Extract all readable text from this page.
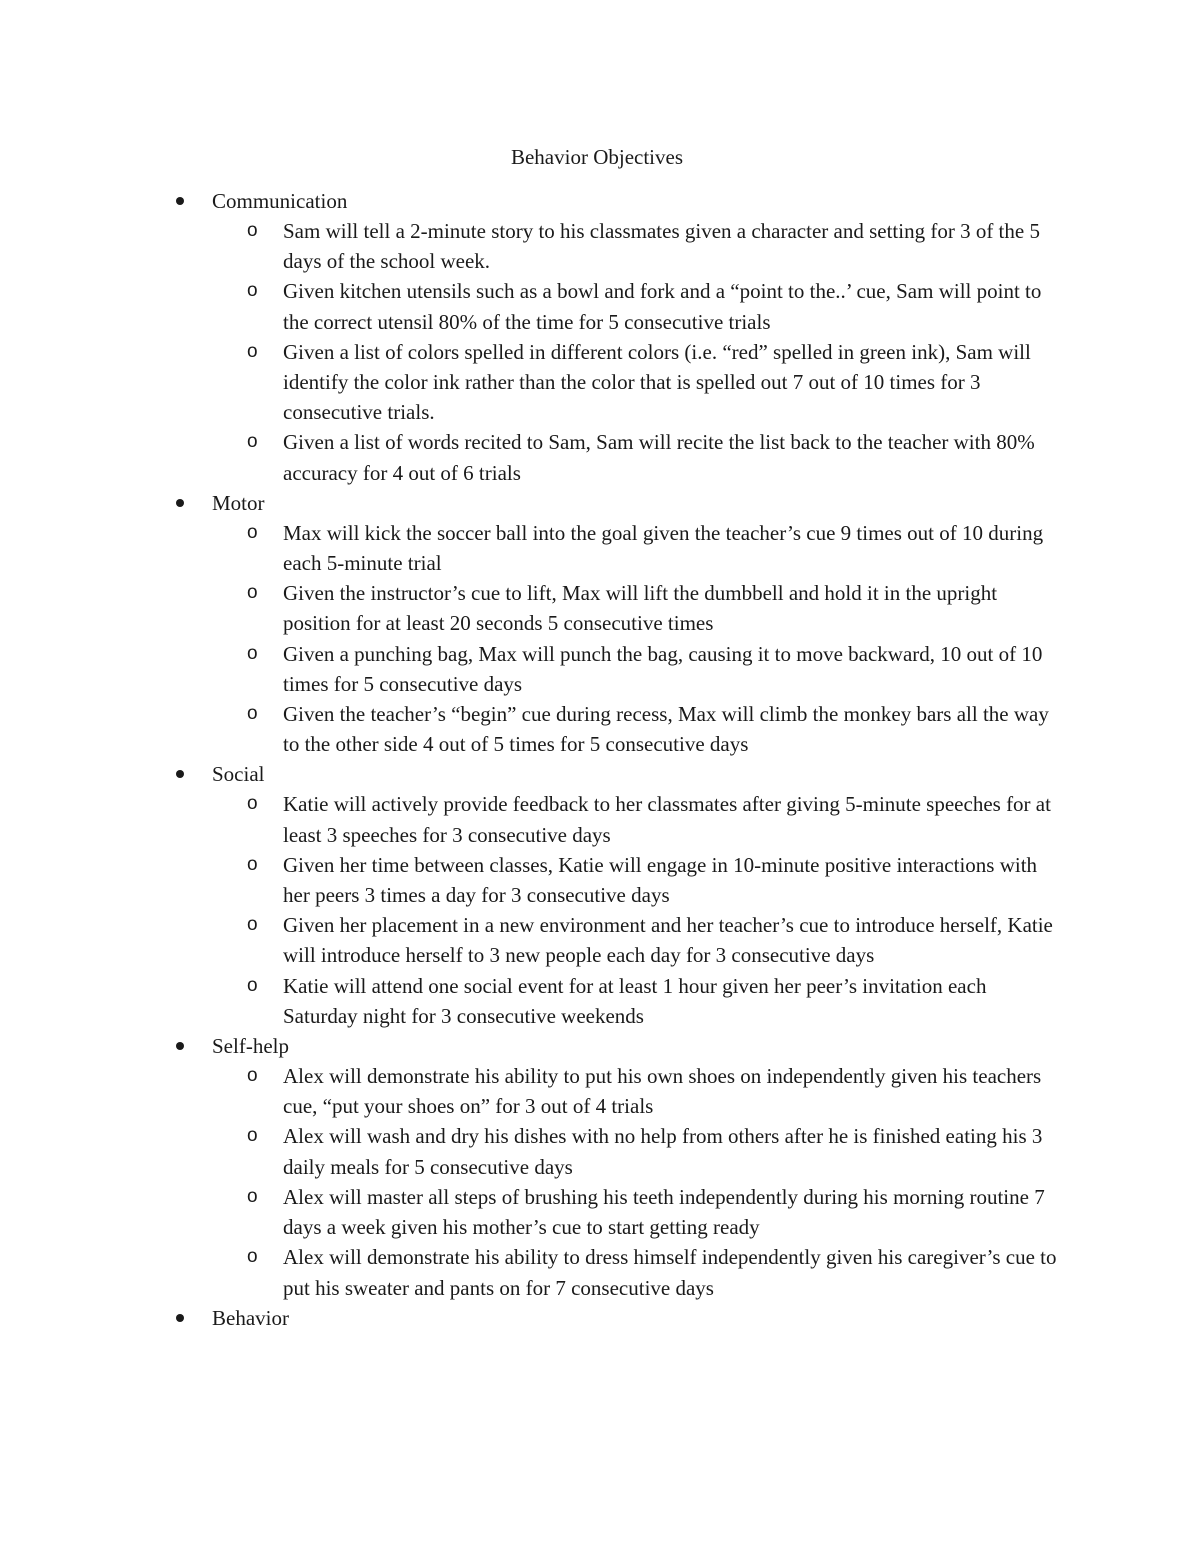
Behavior Objectives
Communication
o Sam will tell a 2-minute story to his classmates given a character and setting for 3 of the 5 days of the school week.
o Given kitchen utensils such as a bowl and fork and a “point to the..’ cue, Sam will point to the correct utensil 80% of the time for 5 consecutive trials
o Given a list of colors spelled in different colors (i.e. “red” spelled in green ink), Sam will identify the color ink rather than the color that is spelled out 7 out of 10 times for 3 consecutive trials.
o Given a list of words recited to Sam, Sam will recite the list back to the teacher with 80% accuracy for 4 out of 6 trials
Motor
o Max will kick the soccer ball into the goal given the teacher’s cue 9 times out of 10 during each 5-minute trial
o Given the instructor’s cue to lift, Max will lift the dumbbell and hold it in the upright position for at least 20 seconds 5 consecutive times
o Given a punching bag, Max will punch the bag, causing it to move backward, 10 out of 10 times for 5 consecutive days
o Given the teacher’s “begin” cue during recess, Max will climb the monkey bars all the way to the other side 4 out of 5 times for 5 consecutive days
Social
o Katie will actively provide feedback to her classmates after giving 5-minute speeches for at least 3 speeches for 3 consecutive days
o Given her time between classes, Katie will engage in 10-minute positive interactions with her peers 3 times a day for 3 consecutive days
o Given her placement in a new environment and her teacher’s cue to introduce herself, Katie will introduce herself to 3 new people each day for 3 consecutive days
o Katie will attend one social event for at least 1 hour given her peer’s invitation each Saturday night for 3 consecutive weekends
Self-help
o Alex will demonstrate his ability to put his own shoes on independently given his teachers cue, “put your shoes on” for 3 out of 4 trials
o Alex will wash and dry his dishes with no help from others after he is finished eating his 3 daily meals for 5 consecutive days
o Alex will master all steps of brushing his teeth independently during his morning routine 7 days a week given his mother’s cue to start getting ready
o Alex will demonstrate his ability to dress himself independently given his caregiver’s cue to put his sweater and pants on for 7 consecutive days
Behavior
